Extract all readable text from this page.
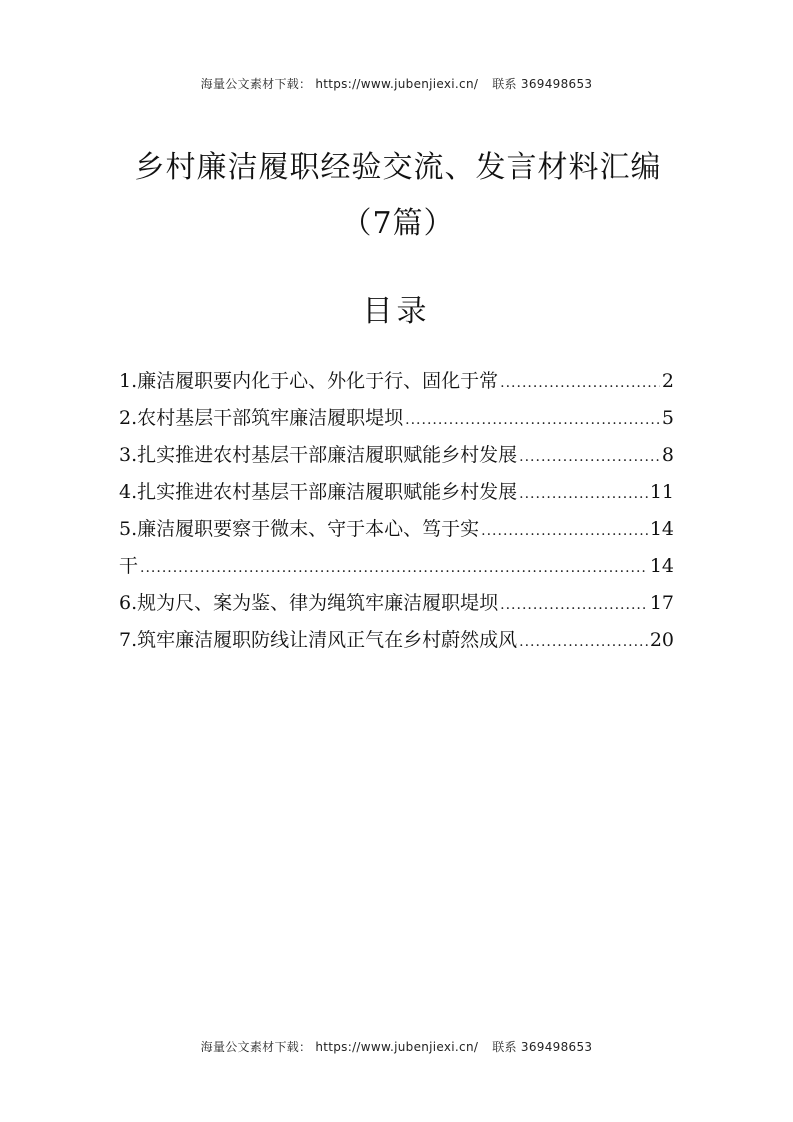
海量公文素材下载： https://www.jubenjiexi.cn/ 联系 369498653
乡村廉洁履职经验交流、发言材料汇编（7篇）
目录
1.廉洁履职要内化于心、外化于行、固化于常 .....	2
2.农村基层干部筑牢廉洁履职堤坝 .....	5
3.扎实推进农村基层干部廉洁履职赋能乡村发展 .....	8
4.扎实推进农村基层干部廉洁履职赋能乡村发展 .....	11
5.廉洁履职要察于微末、守于本心、笃于实 .....	14
干 .....	14
6.规为尺、案为鉴、律为绳筑牢廉洁履职堤坝 .....	17
7.筑牢廉洁履职防线让清风正气在乡村蔚然成风 .....	20
海量公文素材下载： https://www.jubenjiexi.cn/ 联系 369498653
